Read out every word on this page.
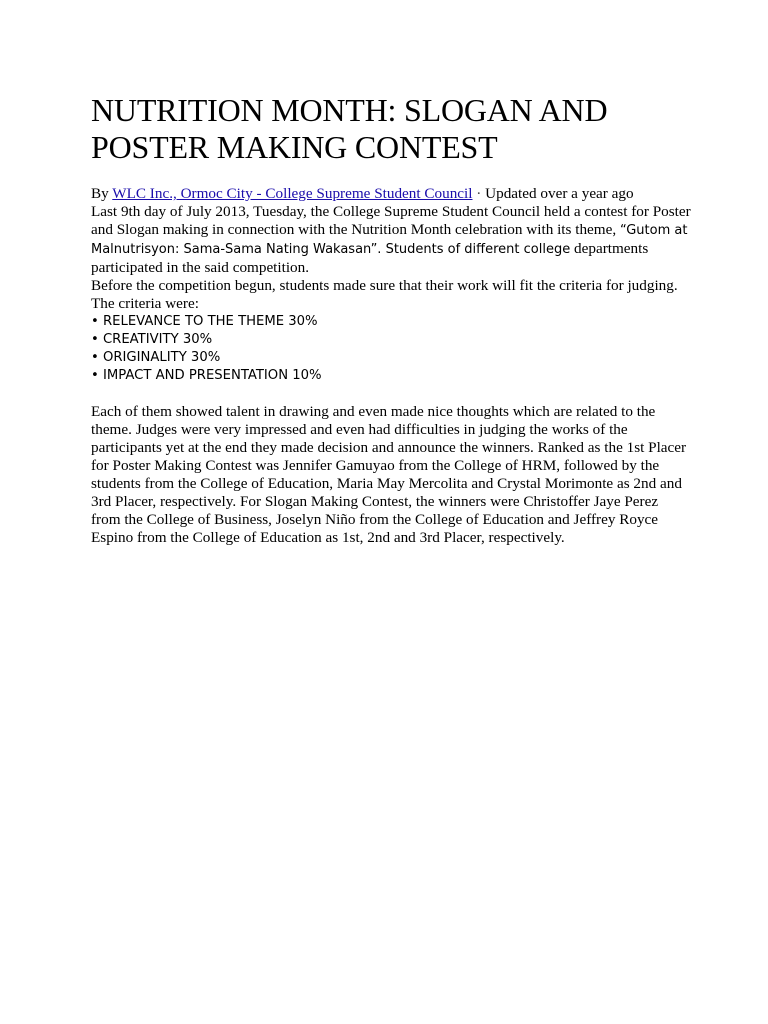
NUTRITION MONTH: SLOGAN AND
POSTER MAKING CONTEST
By WLC Inc., Ormoc City - College Supreme Student Council · Updated over a year ago

Last 9th day of July 2013, Tuesday, the College Supreme Student Council held a contest for Poster and Slogan making in connection with the Nutrition Month celebration with its theme, “Gutom at Malnutrisyon: Sama-Sama Nating Wakasan”. Students of different college departments participated in the said competition.

Before the competition begun, students made sure that their work will fit the criteria for judging. The criteria were:

• RELEVANCE TO THE THEME 30%
• CREATIVITY 30%
• ORIGINALITY 30%
• IMPACT AND PRESENTATION 10%

Each of them showed talent in drawing and even made nice thoughts which are related to the theme. Judges were very impressed and even had difficulties in judging the works of the participants yet at the end they made decision and announce the winners. Ranked as the 1st Placer for Poster Making Contest was Jennifer Gamuyao from the College of HRM, followed by the students from the College of Education, Maria May Mercolita and Crystal Morimonte as 2nd and 3rd Placer, respectively. For Slogan Making Contest, the winners were Christoffer Jaye Perez from the College of Business, Joselyn Niño from the College of Education and Jeffrey Royce Espino from the College of Education as 1st, 2nd and 3rd Placer, respectively.
